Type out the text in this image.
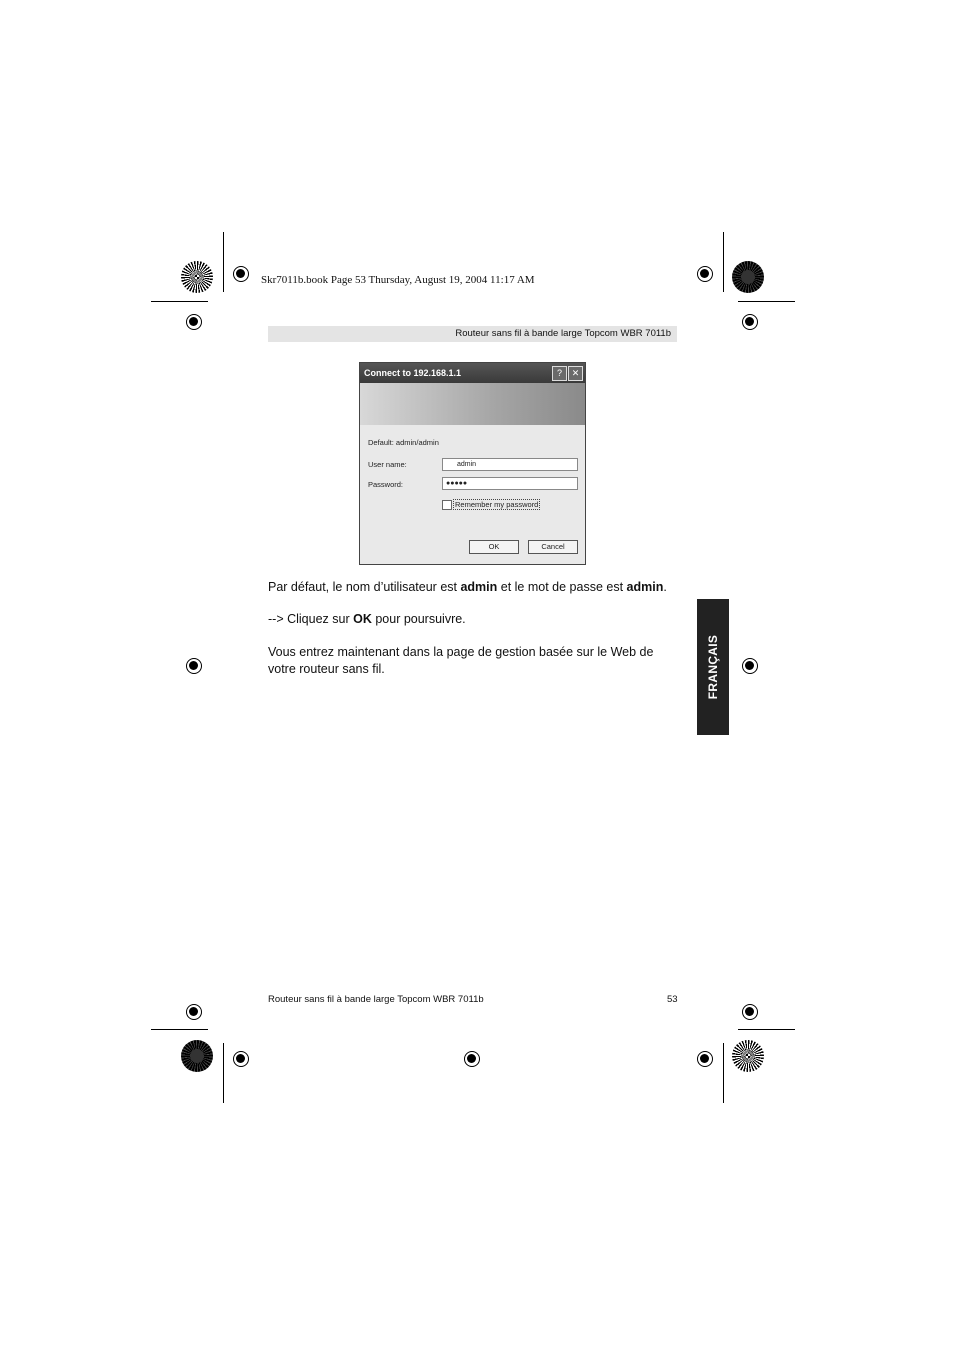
Skr7011b.book Page 53 Thursday, August 19, 2004 11:17 AM
Routeur sans fil à bande large Topcom WBR 7011b
Connect to 192.168.1.1	?	✕
Default: admin/admin
User name:	admin
Password:	●●●●●
Remember my password
OK	Cancel
Par défaut, le nom d’utilisateur est admin et le mot de passe est admin.
--> Cliquez sur OK pour poursuivre.
Vous entrez maintenant dans la page de gestion basée sur le Web de votre routeur sans fil.	FRANÇAIS
Routeur sans fil à bande large Topcom WBR 7011b	53
